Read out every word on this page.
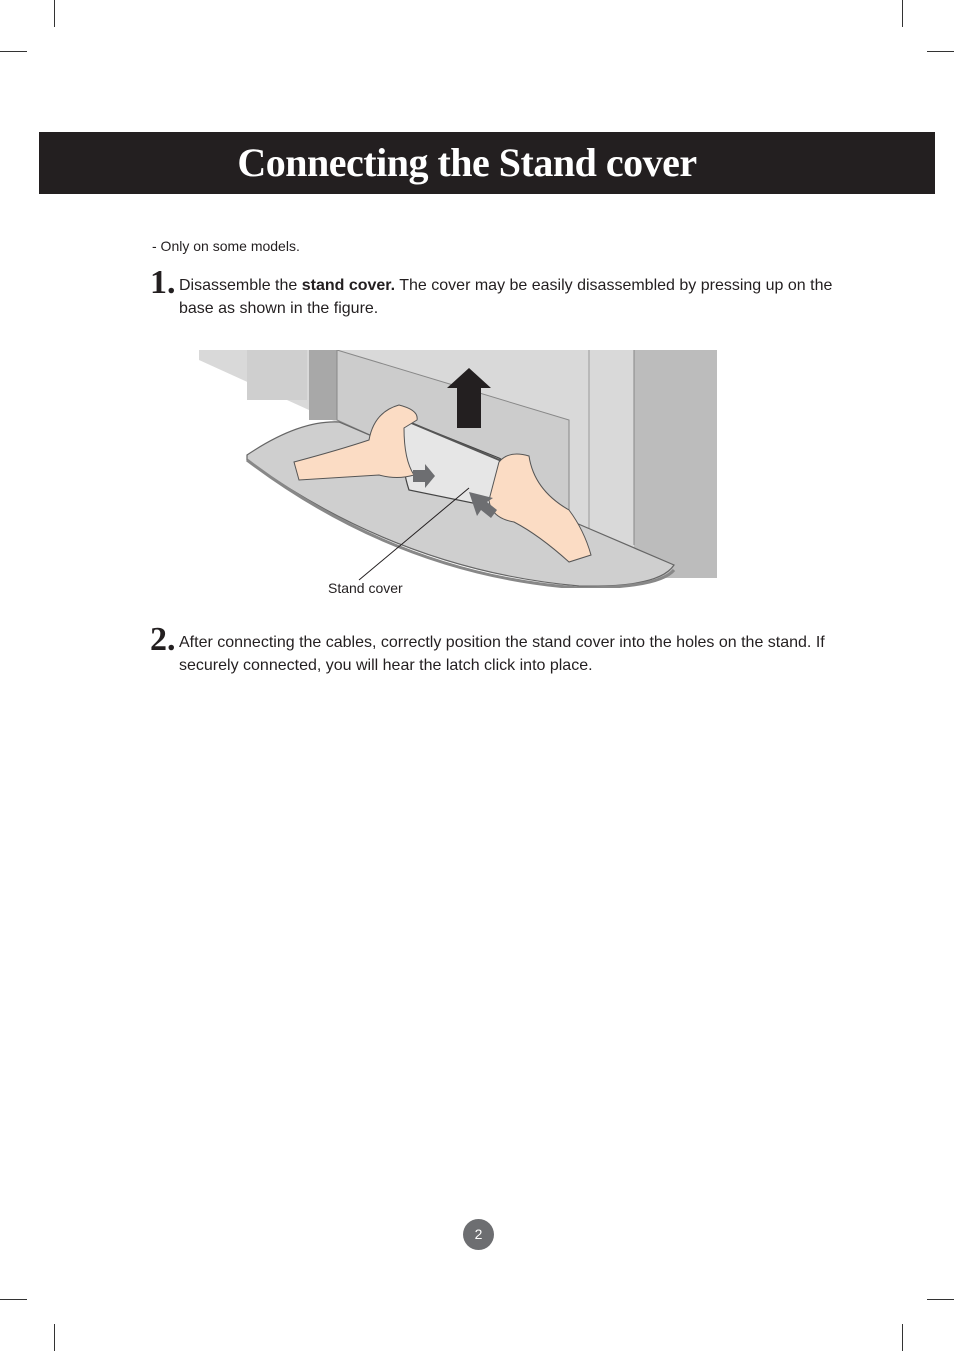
Connecting the Stand cover
- Only on some models.
1. Disassemble the stand cover. The cover may be easily disassembled by pressing up on the base as shown in the figure.
Stand cover
2. After connecting the cables, correctly position the stand cover into the holes on the stand. If securely connected, you will hear the latch click into place.
2
